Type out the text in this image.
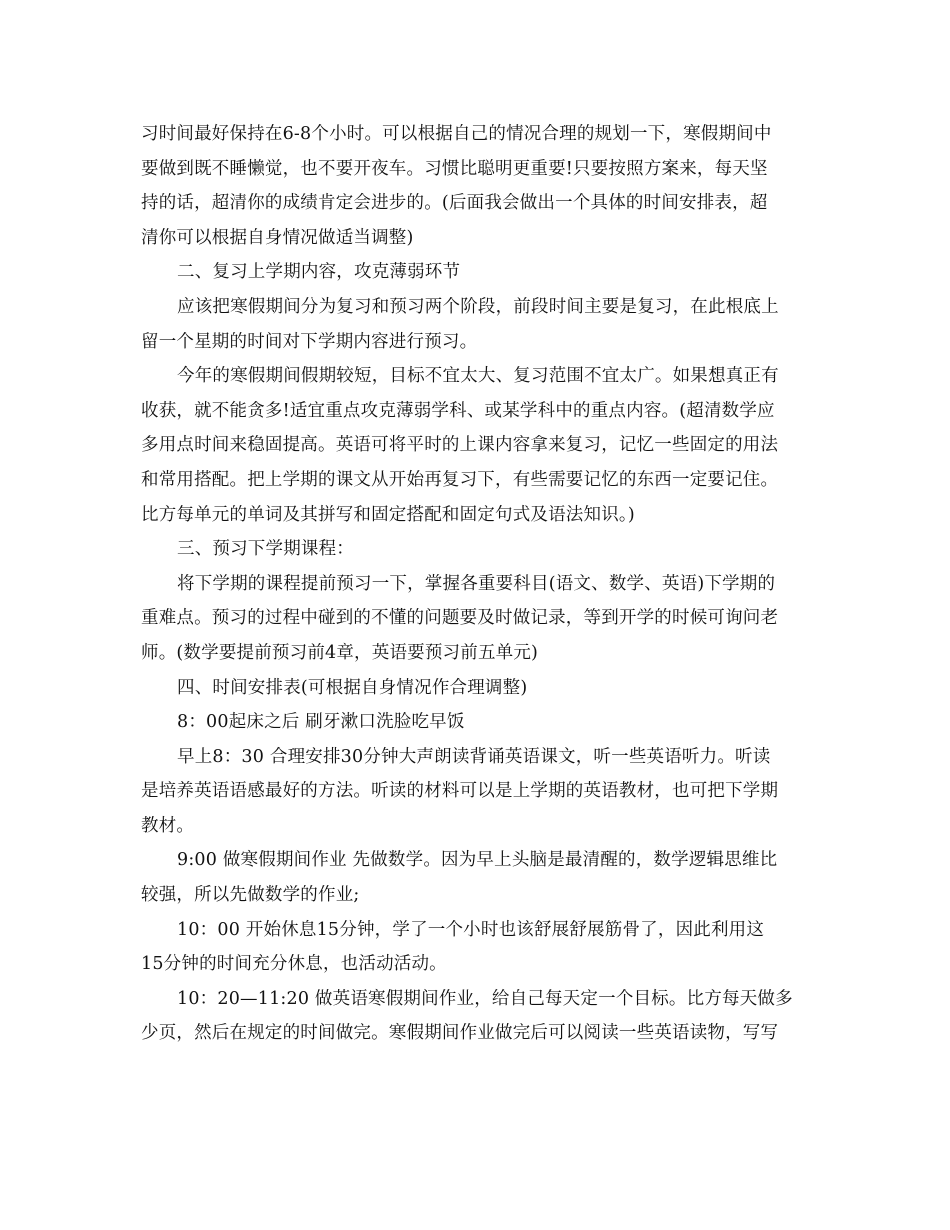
习时间最好保持在6-8个小时。可以根据自己的情况合理的规划一下，寒假期间中
要做到既不睡懒觉，也不要开夜车。习惯比聪明更重要!只要按照方案来，每天坚
持的话，超清你的成绩肯定会进步的。(后面我会做出一个具体的时间安排表，超
清你可以根据自身情况做适当调整)
二、复习上学期内容，攻克薄弱环节
应该把寒假期间分为复习和预习两个阶段，前段时间主要是复习，在此根底上
留一个星期的时间对下学期内容进行预习。
今年的寒假期间假期较短，目标不宜太大、复习范围不宜太广。如果想真正有
收获，就不能贪多!适宜重点攻克薄弱学科、或某学科中的重点内容。(超清数学应
多用点时间来稳固提高。英语可将平时的上课内容拿来复习，记忆一些固定的用法
和常用搭配。把上学期的课文从开始再复习下，有些需要记忆的东西一定要记住。
比方每单元的单词及其拼写和固定搭配和固定句式及语法知识。)
三、预习下学期课程：
将下学期的课程提前预习一下，掌握各重要科目(语文、数学、英语)下学期的
重难点。预习的过程中碰到的不懂的问题要及时做记录，等到开学的时候可询问老
师。(数学要提前预习前4章，英语要预习前五单元)
四、时间安排表(可根据自身情况作合理调整)
8：00起床之后 刷牙漱口洗脸吃早饭
早上8：30 合理安排30分钟大声朗读背诵英语课文，听一些英语听力。听读
是培养英语语感最好的方法。听读的材料可以是上学期的英语教材，也可把下学期
教材。
9:00 做寒假期间作业 先做数学。因为早上头脑是最清醒的，数学逻辑思维比
较强，所以先做数学的作业;
10：00 开始休息15分钟，学了一个小时也该舒展舒展筋骨了，因此利用这
15分钟的时间充分休息，也活动活动。
10：20—11:20 做英语寒假期间作业，给自己每天定一个目标。比方每天做多
少页，然后在规定的时间做完。寒假期间作业做完后可以阅读一些英语读物，写写
